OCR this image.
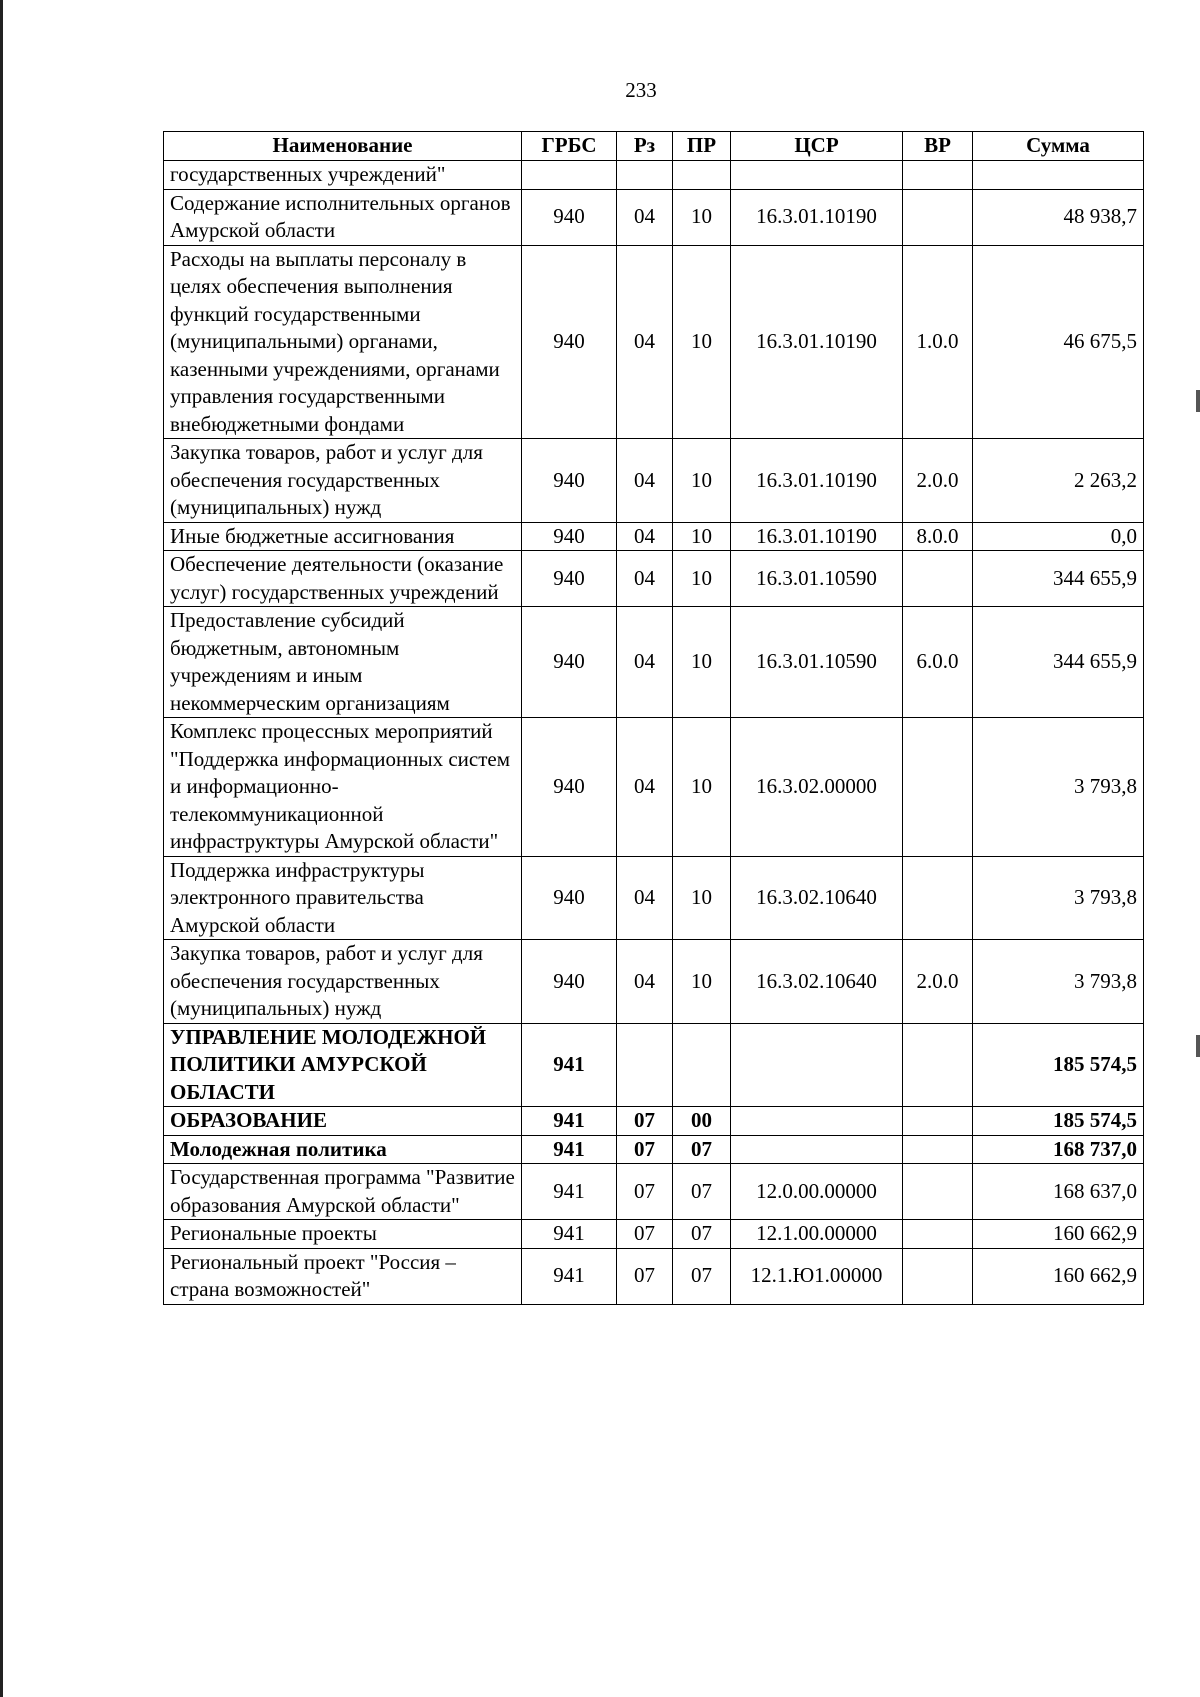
233
Наименование	ГРБС	Рз	ПР	ЦСР	ВР	Сумма
государственных учреждений"						
Содержание исполнительных органов Амурской области	940	04	10	16.3.01.10190		48 938,7
Расходы на выплаты персоналу в целях обеспечения выполнения функций государственными (муниципальными) органами, казенными учреждениями, органами управления государственными внебюджетными фондами	940	04	10	16.3.01.10190	1.0.0	46 675,5
Закупка товаров, работ и услуг для обеспечения государственных (муниципальных) нужд	940	04	10	16.3.01.10190	2.0.0	2 263,2
Иные бюджетные ассигнования	940	04	10	16.3.01.10190	8.0.0	0,0
Обеспечение деятельности (оказание услуг) государственных учреждений	940	04	10	16.3.01.10590		344 655,9
Предоставление субсидий бюджетным, автономным учреждениям и иным некоммерческим организациям	940	04	10	16.3.01.10590	6.0.0	344 655,9
Комплекс процессных мероприятий "Поддержка информационных систем и информационно-телекоммуникационной инфраструктуры Амурской области"	940	04	10	16.3.02.00000		3 793,8
Поддержка инфраструктуры электронного правительства Амурской области	940	04	10	16.3.02.10640		3 793,8
Закупка товаров, работ и услуг для обеспечения государственных (муниципальных) нужд	940	04	10	16.3.02.10640	2.0.0	3 793,8
УПРАВЛЕНИЕ МОЛОДЕЖНОЙ ПОЛИТИКИ АМУРСКОЙ ОБЛАСТИ	941					185 574,5
ОБРАЗОВАНИЕ	941	07	00			185 574,5
Молодежная политика	941	07	07			168 737,0
Государственная программа "Развитие образования Амурской области"	941	07	07	12.0.00.00000		168 637,0
Региональные проекты	941	07	07	12.1.00.00000		160 662,9
Региональный проект "Россия – страна возможностей"	941	07	07	12.1.Ю1.00000		160 662,9
